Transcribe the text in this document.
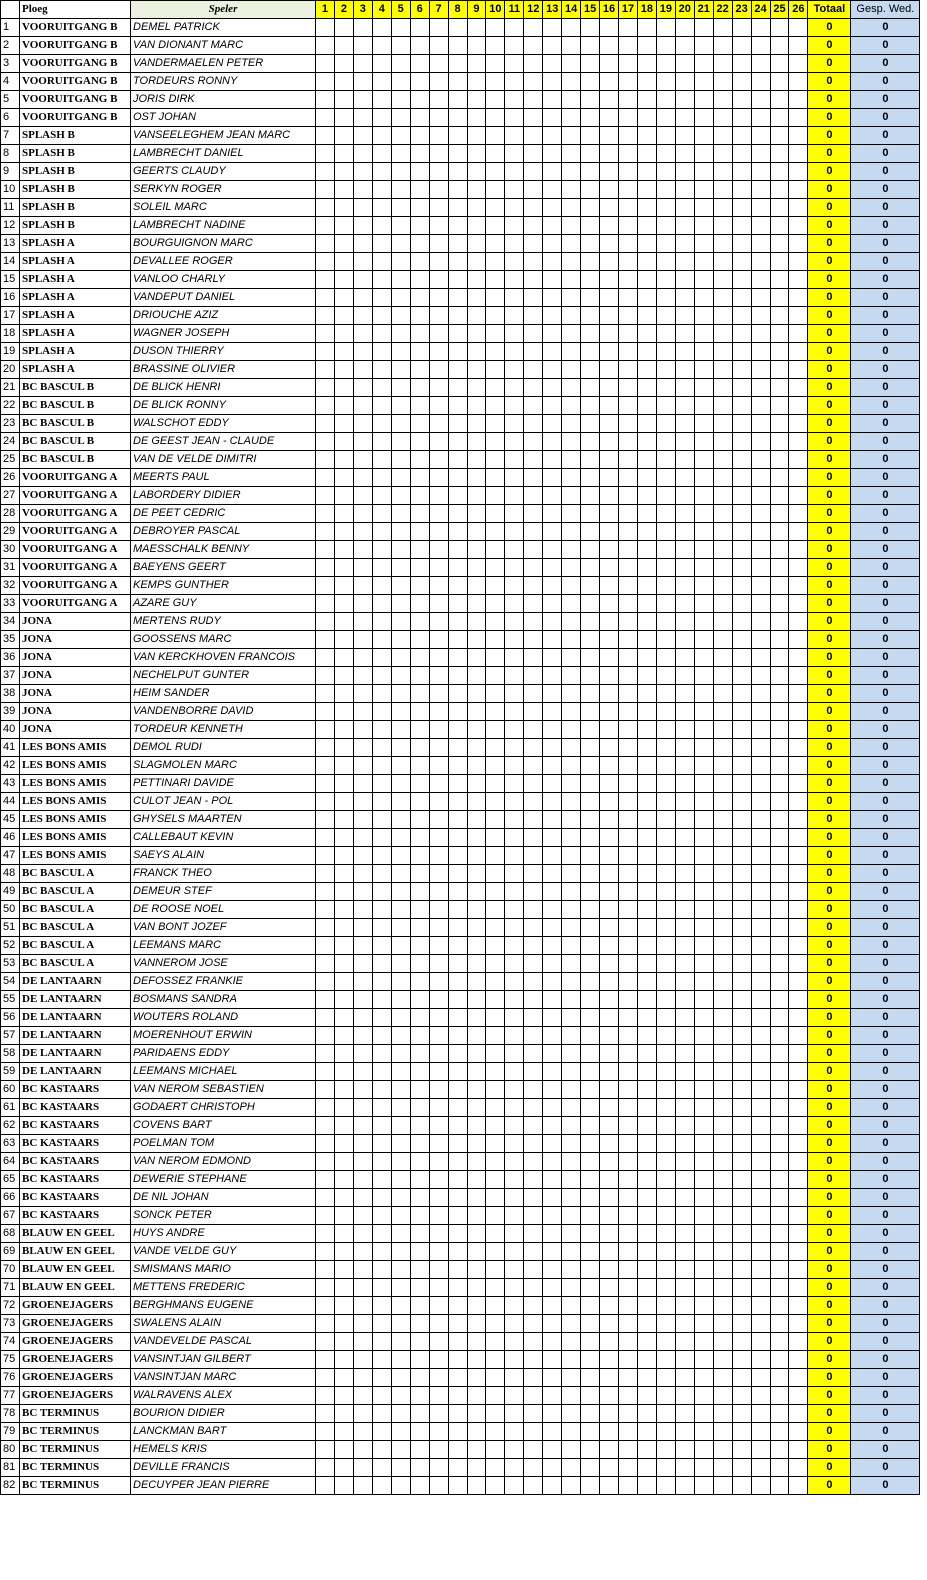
	Ploeg	Speler	1	2	3	4	5	6	7	8	9	10	11	12	13	14	15	16	17	18	19	20	21	22	23	24	25	26	Totaal	Gesp. Wed.
1	VOORUITGANG B	DEMEL PATRICK																											0	0
2	VOORUITGANG B	VAN DIONANT MARC																											0	0
3	VOORUITGANG B	VANDERMAELEN PETER																											0	0
4	VOORUITGANG B	TORDEURS RONNY																											0	0
5	VOORUITGANG B	JORIS DIRK																											0	0
6	VOORUITGANG B	OST JOHAN																											0	0
7	SPLASH B	VANSEELEGHEM JEAN MARC																											0	0
8	SPLASH B	LAMBRECHT DANIEL																											0	0
9	SPLASH B	GEERTS CLAUDY																											0	0
10	SPLASH B	SERKYN ROGER																											0	0
11	SPLASH B	SOLEIL MARC																											0	0
12	SPLASH B	LAMBRECHT NADINE																											0	0
13	SPLASH A	BOURGUIGNON MARC																											0	0
14	SPLASH A	DEVALLEE ROGER																											0	0
15	SPLASH A	VANLOO CHARLY																											0	0
16	SPLASH A	VANDEPUT DANIEL																											0	0
17	SPLASH A	DRIOUCHE AZIZ																											0	0
18	SPLASH A	WAGNER JOSEPH																											0	0
19	SPLASH A	DUSON THIERRY																											0	0
20	SPLASH A	BRASSINE OLIVIER																											0	0
21	BC BASCUL B	DE BLICK HENRI																											0	0
22	BC BASCUL B	DE BLICK RONNY																											0	0
23	BC BASCUL B	WALSCHOT EDDY																											0	0
24	BC BASCUL B	DE GEEST JEAN - CLAUDE																											0	0
25	BC BASCUL B	VAN DE VELDE DIMITRI																											0	0
26	VOORUITGANG A	MEERTS PAUL																											0	0
27	VOORUITGANG A	LABORDERY DIDIER																											0	0
28	VOORUITGANG A	DE PEET CEDRIC																											0	0
29	VOORUITGANG A	DEBROYER PASCAL																											0	0
30	VOORUITGANG A	MAESSCHALK BENNY																											0	0
31	VOORUITGANG A	BAEYENS GEERT																											0	0
32	VOORUITGANG A	KEMPS GUNTHER																											0	0
33	VOORUITGANG A	AZARE GUY																											0	0
34	JONA	MERTENS RUDY																											0	0
35	JONA	GOOSSENS MARC																											0	0
36	JONA	VAN KERCKHOVEN FRANCOIS																											0	0
37	JONA	NECHELPUT GUNTER																											0	0
38	JONA	HEIM SANDER																											0	0
39	JONA	VANDENBORRE DAVID																											0	0
40	JONA	TORDEUR KENNETH																											0	0
41	LES BONS AMIS	DEMOL RUDI																											0	0
42	LES BONS AMIS	SLAGMOLEN MARC																											0	0
43	LES BONS AMIS	PETTINARI DAVIDE																											0	0
44	LES BONS AMIS	CULOT JEAN - POL																											0	0
45	LES BONS AMIS	GHYSELS MAARTEN																											0	0
46	LES BONS AMIS	CALLEBAUT KEVIN																											0	0
47	LES BONS AMIS	SAEYS ALAIN																											0	0
48	BC BASCUL A	FRANCK THEO																											0	0
49	BC BASCUL A	DEMEUR STEF																											0	0
50	BC BASCUL A	DE ROOSE NOEL																											0	0
51	BC BASCUL A	VAN BONT JOZEF																											0	0
52	BC BASCUL A	LEEMANS MARC																											0	0
53	BC BASCUL A	VANNEROM JOSE																											0	0
54	DE LANTAARN	DEFOSSEZ FRANKIE																											0	0
55	DE LANTAARN	BOSMANS SANDRA																											0	0
56	DE LANTAARN	WOUTERS ROLAND																											0	0
57	DE LANTAARN	MOERENHOUT ERWIN																											0	0
58	DE LANTAARN	PARIDAENS EDDY																											0	0
59	DE LANTAARN	LEEMANS MICHAEL																											0	0
60	BC KASTAARS	VAN NEROM SEBASTIEN																											0	0
61	BC KASTAARS	GODAERT CHRISTOPH																											0	0
62	BC KASTAARS	COVENS BART																											0	0
63	BC KASTAARS	POELMAN TOM																											0	0
64	BC KASTAARS	VAN NEROM EDMOND																											0	0
65	BC KASTAARS	DEWERIE STEPHANE																											0	0
66	BC KASTAARS	DE NIL JOHAN																											0	0
67	BC KASTAARS	SONCK PETER																											0	0
68	BLAUW EN GEEL	HUYS ANDRE																											0	0
69	BLAUW EN GEEL	VANDE VELDE GUY																											0	0
70	BLAUW EN GEEL	SMISMANS MARIO																											0	0
71	BLAUW EN GEEL	METTENS FREDERIC																											0	0
72	GROENEJAGERS	BERGHMANS EUGENE																											0	0
73	GROENEJAGERS	SWALENS ALAIN																											0	0
74	GROENEJAGERS	VANDEVELDE PASCAL																											0	0
75	GROENEJAGERS	VANSINTJAN GILBERT																											0	0
76	GROENEJAGERS	VANSINTJAN MARC																											0	0
77	GROENEJAGERS	WALRAVENS ALEX																											0	0
78	BC TERMINUS	BOURION DIDIER																											0	0
79	BC TERMINUS	LANCKMAN BART																											0	0
80	BC TERMINUS	HEMELS KRIS																											0	0
81	BC TERMINUS	DEVILLE FRANCIS																											0	0
82	BC TERMINUS	DECUYPER JEAN PIERRE																											0	0
